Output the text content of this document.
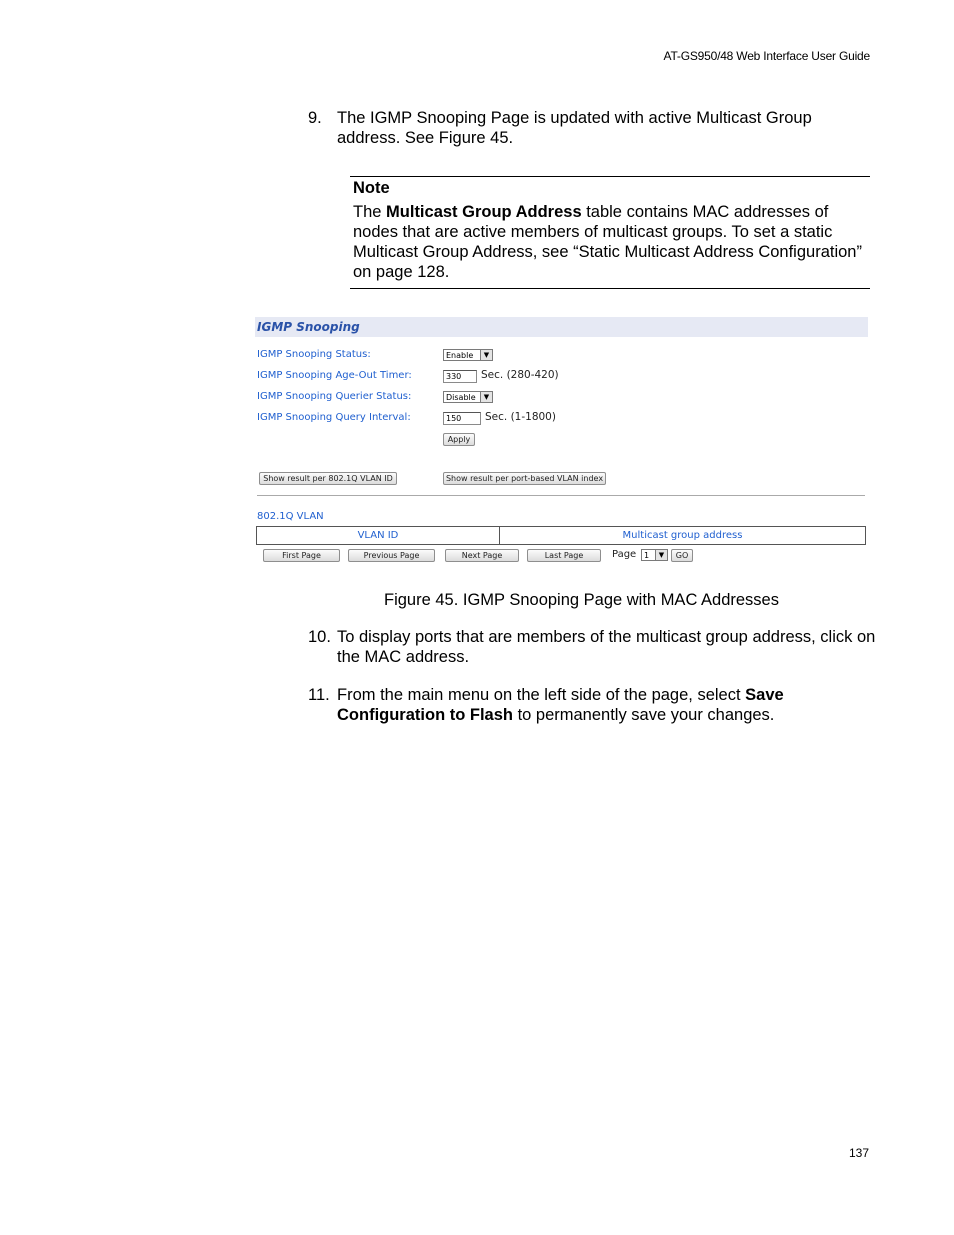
AT-GS950/48 Web Interface User Guide
9. The IGMP Snooping Page is updated with active Multicast Group address. See Figure 45.
Note
The Multicast Group Address table contains MAC addresses of nodes that are active members of multicast groups. To set a static Multicast Group Address, see “Static Multicast Address Configuration” on page 128.
IGMP Snooping
IGMP Snooping Status:	Enable	▼
IGMP Snooping Age-Out Timer:	330	Sec. (280-420)
IGMP Snooping Querier Status:	Disable	▼
IGMP Snooping Query Interval:	150	Sec. (1-1800)
Apply
Show result per 802.1Q VLAN ID	Show result per port-based VLAN index
802.1Q VLAN
VLAN ID	Multicast group address
First Page	Previous Page	Next Page	Last Page	Page 1	▼	GO
Figure 45. IGMP Snooping Page with MAC Addresses
10. To display ports that are members of the multicast group address, click on the MAC address.
11. From the main menu on the left side of the page, select Save Configuration to Flash to permanently save your changes.
137
